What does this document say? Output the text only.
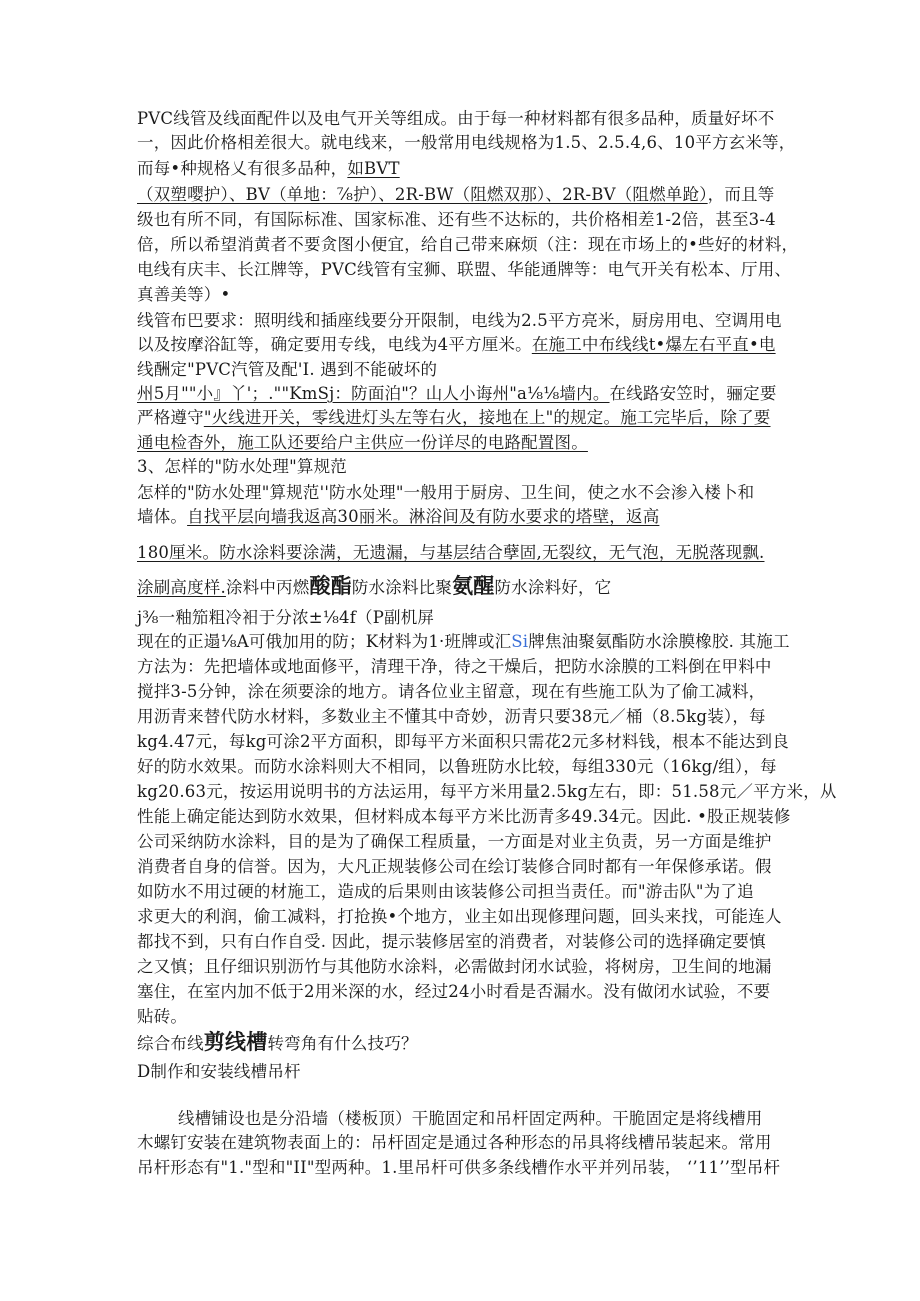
PVC线管及线面配件以及电气开关等组成。由于每一种材料都有很多品种，质量好坏不
一，因此价格相差很大。就电线来，一般常用电线规格为1.5、2.5.4,6、10平方玄米等，
而每•种规格乂有很多品种，如BVT
（双塑嘤护）、BV（单地：⅞护）、2R-BW（阻燃双那）、2R-BV（阻燃单跄），而且等
级也有所不同，有国际标准、国家标准、还有些不达标的，共价格相差1-2倍，甚至3-4
倍，所以希望消黄者不要贪图小便宜，给自己带来麻烦（注：现在市场上的•些好的材料，
电线有庆丰、长江牌等，PVC线管有宝狮、联盟、华能通牌等：电气开关有松本、厅用、
真善美等）•
线管布巴要求：照明线和插座线要分开限制，电线为2.5平方亮米，厨房用电、空调用电
以及按摩浴缸等，确定要用专线，电线为4平方厘米。在施工中布线线t•爆左右平直•电
线酬定"PVC汽管及配'I. 遇到不能破坏的
州5月""小』丫'；.""KmSj：防面泊"？山人小诲州"a⅛⅛墙内。在线路安笠时，骊定要
严格遵守"火线进开关，零线进灯头左等右火，接地在上"的规定。施工完毕后，除了要
通电检杳外，施工队还要给户主供应一份详尽的电路配置图。
3、怎样的"防水处理"算规范
怎样的"防水处理"算规范''防水处理"一般用于厨房、卫生间，使之水不会渗入楼卜和
墙体。自找平层向墙我返高30丽米。淋浴间及有防水要求的塔壁，返高
180厘米。防水涂料要涂满，无遗漏，与基层结合孽固,无裂纹，无气泡，无脱落现飘.
涂刷高度样.涂料中丙燃酸酯防水涂料比聚氨醒防水涂料好，它
j⅜一釉笳粗冷衵于分浓±⅛4f（P副机屏
现在的正遢⅛A可俄加用的防；K材料为1·班牌或汇Si牌焦油聚氨酯防水涂膜橡胶. 其施工
方法为：先把墙体或地面修平，清理干净，待之干燥后，把防水涂膜的工料倒在甲料中
搅拌3-5分钟，涂在须要涂的地方。请各位业主留意，现在有些施工队为了偷工减料，
用沥青来替代防水材料，多数业主不懂其中奇妙，沥青只要38元／桶（8.5kg装），每
kg4.47元，每kg可涂2平方面积，即每平方米面积只需花2元多材料钱，根本不能达到良
好的防水效果。而防水涂料则大不相同，以鲁班防水比较，每组330元（16kg∕组），每
kg20.63元，按运用说明书的方法运用，每平方米用量2.5kg左右，即：51.58元／平方米，从
性能上确定能达到防水效果，但材料成本每平方米比沥青多49.34元。因此. •股正规装修
公司采纳防水涂料，目的是为了确保工程质量，一方面是对业主负责，另一方面是维护
消费者自身的信誉。因为，大凡正规装修公司在绘订装修合同时都有一年保修承诺。假
如防水不用过硬的材施工，造成的后果则由该装修公司担当责任。而"游击队"为了追
求更大的利润，偷工减料，打抢换•个地方，业主如出现修理问题，回头来找，可能连人
都找不到，只有白作自受. 因此，提示装修居室的消费者，对装修公司的选择确定要慎
之又慎；且仔细识别沥竹与其他防水涂料，必需做封闭水试验，将树房，卫生间的地漏
塞住，在室内加不低于2用米深的水，经过24小时看是否漏水。没有做闭水试验，不要
贴砖。
综合布线剪线槽转弯角有什么技巧？
D制作和安装线槽吊杆
线槽铺设也是分沿墙（楼板顶）干脆固定和吊杆固定两种。干脆固定是将线槽用
木螺钉安装在建筑物表面上的：吊杆固定是通过各种形态的吊具将线槽吊装起来。常用
吊杆形态有"1."型和"II"型两种。1.里吊杆可供多条线槽作水平并列吊装， ‘’11’’型吊杆
